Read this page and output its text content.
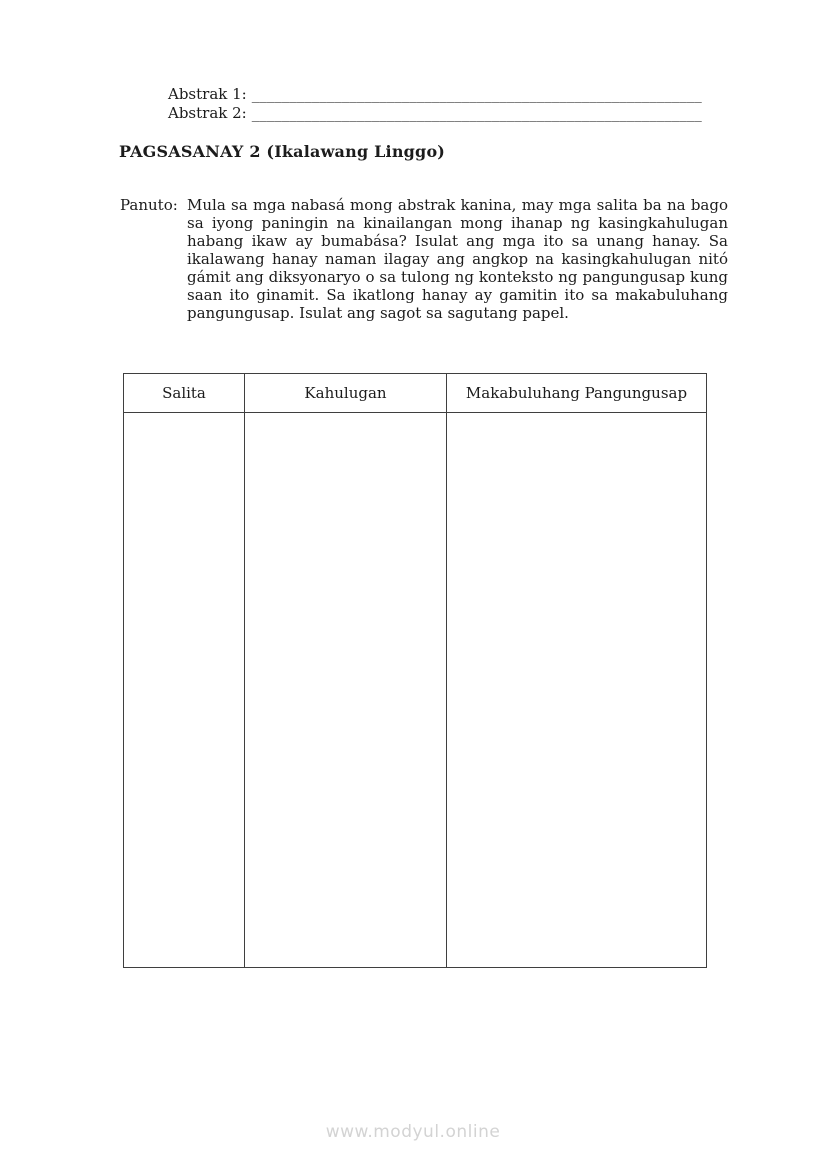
Abstrak 1: ____________________________________________________________
Abstrak 2: ____________________________________________________________
PAGSASANAY 2 (Ikalawang Linggo)
Panuto: Mula sa mga nabasá mong abstrak kanina, may mga salita ba na bago sa iyong paningin na kinailangan mong ihanap ng kasingkahulugan habang ikaw ay bumabása? Isulat ang mga ito sa unang hanay. Sa ikalawang hanay naman ilagay ang angkop na kasingkahulugan nitó gámit ang diksyonaryo o sa tulong ng konteksto ng pangungusap kung saan ito ginamit. Sa ikatlong hanay ay gamitin ito sa makabuluhang pangungusap. Isulat ang sagot sa sagutang papel.
Salita	Kahulugan	Makabuluhang Pangungusap

www.modyul.online
